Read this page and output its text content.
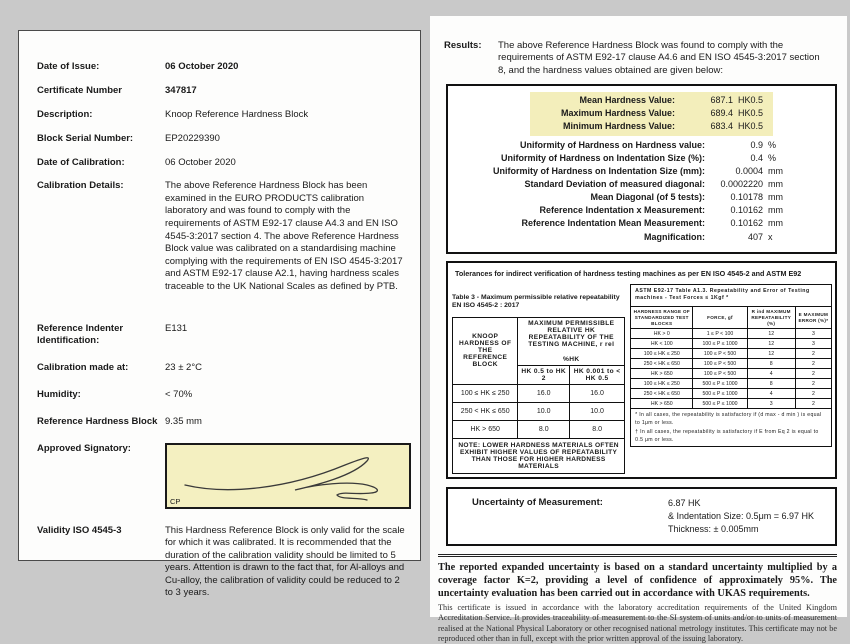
Date of Issue:	06 October 2020
Certificate Number	347817
Description:	Knoop Reference Hardness Block
Block Serial Number:	EP20229390
Date of Calibration:	06 October 2020
Calibration Details:	The above Reference Hardness Block has been examined in the EURO PRODUCTS calibration laboratory and was found to comply with the requirements of ASTM E92-17 clause A4.3 and EN ISO 4545-3:2017 section 4. The above Reference Hardness Block value was calibrated on a standardising machine complying with the requirements of EN ISO 4545-3:2017 and ASTM E92-17 clause A2.1, having hardness scales traceable to the UK National Scales as defined by PTB.
Reference Indenter Identification:
E131
Calibration made at:	23 ± 2°C
Humidity:	< 70%
Reference Hardness Block 9.35 mm
Approved Signatory:
CP
Validity ISO 4545-3	This Hardness Reference Block is only valid for the scale for which it was calibrated. It is recommended that the duration of the calibration validity should be limited to 5 years. Attention is drawn to the fact that, for Al-alloys and Cu-alloy, the calibration of validity could be reduced to 2 to 3 years.
Results:	The above Reference Hardness Block was found to comply with the requirements of ASTM E92-17 clause A4.6 and EN ISO 4545-3:2017 section 8, and the hardness values obtained are given below:
Mean Hardness Value:	687.1 HK0.5
Maximum Hardness Value:	689.4 HK0.5
Minimum Hardness Value:	683.4 HK0.5
Uniformity of Hardness on Hardness value:	0.9 %
Uniformity of Hardness on Indentation Size (%):	0.4 %
Uniformity of Hardness on Indentation Size (mm):	0.0004 mm
Standard Deviation of measured diagonal:	0.0002220 mm
Mean Diagonal (of 5 tests):	0.10178 mm
Reference Indentation x Measurement:	0.10162 mm
Reference Indentation Mean Measurement:	0.10162 mm
Magnification:	407 x
Tolerances for indirect verification of hardness testing machines as per EN ISO 4545-2 and ASTM E92
Table 3 - Maximum permissible relative repeatability EN ISO 4545-2 : 2017
KNOOP HARDNESS OF THE REFERENCE BLOCK	MAXIMUM PERMISSIBLE RELATIVE HK REPEATABILITY OF THE TESTING MACHINE, r rel
%HK	

	HK 0.5 to HK 2	HK 0.001 to < HK 0.5
100 ≤ HK ≤ 250	16.0	16.0
250 < HK ≤ 650	10.0	10.0
HK > 650	8.0	8.0
NOTE: LOWER HARDNESS MATERIALS OFTEN EXHIBIT HIGHER VALUES OF REPEATABILITY THAN THOSE FOR HIGHER HARDNESS MATERIALS		
ASTM E92-17 Table A1.3. Repeatability and Error of Testing machines - Test Forces ≤ 1Kgf *			
HARDNESS RANGE OF STANDARDIZED TEST BLOCKS	FORCE, gf	R ind MAXIMUM REPEATABILITY (%)	E MAXIMUM ERROR (%)*
HK > 0	1 ≤ P < 100	12	3
HK < 100	100 ≤ P ≤ 1000	12	3
100 ≤ HK ≤ 250	100 ≤ P < 500	12	2
250 < HK ≤ 650	100 ≤ P < 500	8	2
HK > 650	100 ≤ P < 500	4	2
100 ≤ HK ≤ 250	500 ≤ P ≤ 1000	8	2
250 < HK ≤ 650	500 ≤ P ≤ 1000	4	2
HK > 650	500 ≤ P ≤ 1000	3	2

* In all cases, the repeatability is satisfactory if (d max - d min ) is equal to 1μm or less.
† In all cases, the repeatability is satisfactory if E from Eq 2 is equal to 0.5 μm or less.			
Uncertainty of Measurement:	6.87 HK
& Indentation Size: 0.5μm = 6.97 HK
Thickness: ± 0.005mm
The reported expanded uncertainty is based on a standard uncertainty multiplied by a coverage factor K=2, providing a level of confidence of approximately 95%. The uncertainty evaluation has been carried out in accordance with UKAS requirements.
This certificate is issued in accordance with the laboratory accreditation requirements of the United Kingdom Accreditation Service. It provides traceability of measurement to the SI system of units and/or to units of measurement realised at the National Physical Laboratory or other recognised national metrology institutes. This certificate may not be reproduced other than in full, except with the prior written approval of the issuing laboratory.
